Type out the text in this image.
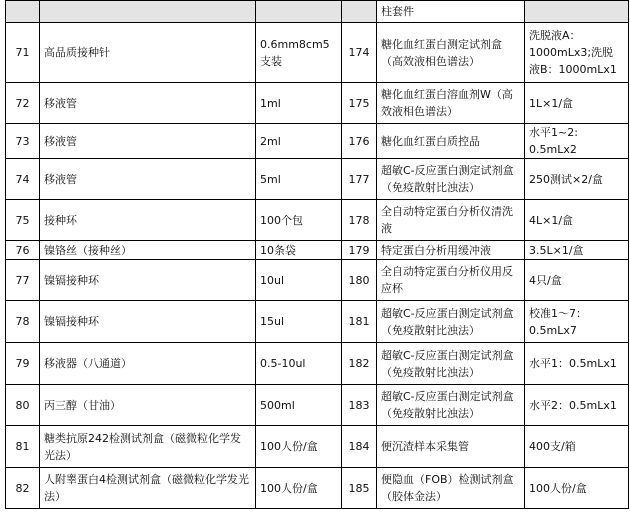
				柱套件	
71	高品质接种针	0.6mm8cm5支装	174	糖化血红蛋白测定试剂盒（高效液相色谱法）	洗脱液A：1000mLx3;洗脱液B：1000mLx1
72	移液管	1ml	175	糖化血红蛋白溶血剂W（高效液相色谱法）	1L×1/盒
73	移液管	2ml	176	糖化血红蛋白质控品	水平1~2: 0.5mLx2
74	移液管	5ml	177	超敏C-反应蛋白测定试剂盒（免疫散射比浊法）	250测试×2/盒
75	接种环	100个包	178	全自动特定蛋白分析仪清洗液	4L×1/盒
76	镍铬丝（接种丝）	10条袋	179	特定蛋白分析用缓冲液	3.5L×1/盒
77	镍镉接种环	10ul	180	全自动特定蛋白分析仪用反应杯	4只/盒
78	镍镉接种环	15ul	181	超敏C-反应蛋白测定试剂盒（免疫散射比浊法）	校准1～7：0.5mLx7
79	移液器（八通道）	0.5-10ul	182	超敏C-反应蛋白测定试剂盒（免疫散射比浊法）	水平1：0.5mLx1
80	丙三醇（甘油）	500ml	183	超敏C-反应蛋白测定试剂盒（免疫散射比浊法）	水平2：0.5mLx1
81	糖类抗原242检测试剂盒（磁微粒化学发光法）	100人份/盒	184	便沉渣样本采集管	400支/箱
82	人附睾蛋白4检测试剂盒（磁微粒化学发光法）	100人份/盒	185	便隐血（FOB）检测试剂盒（胶体金法）	100人份/盒
